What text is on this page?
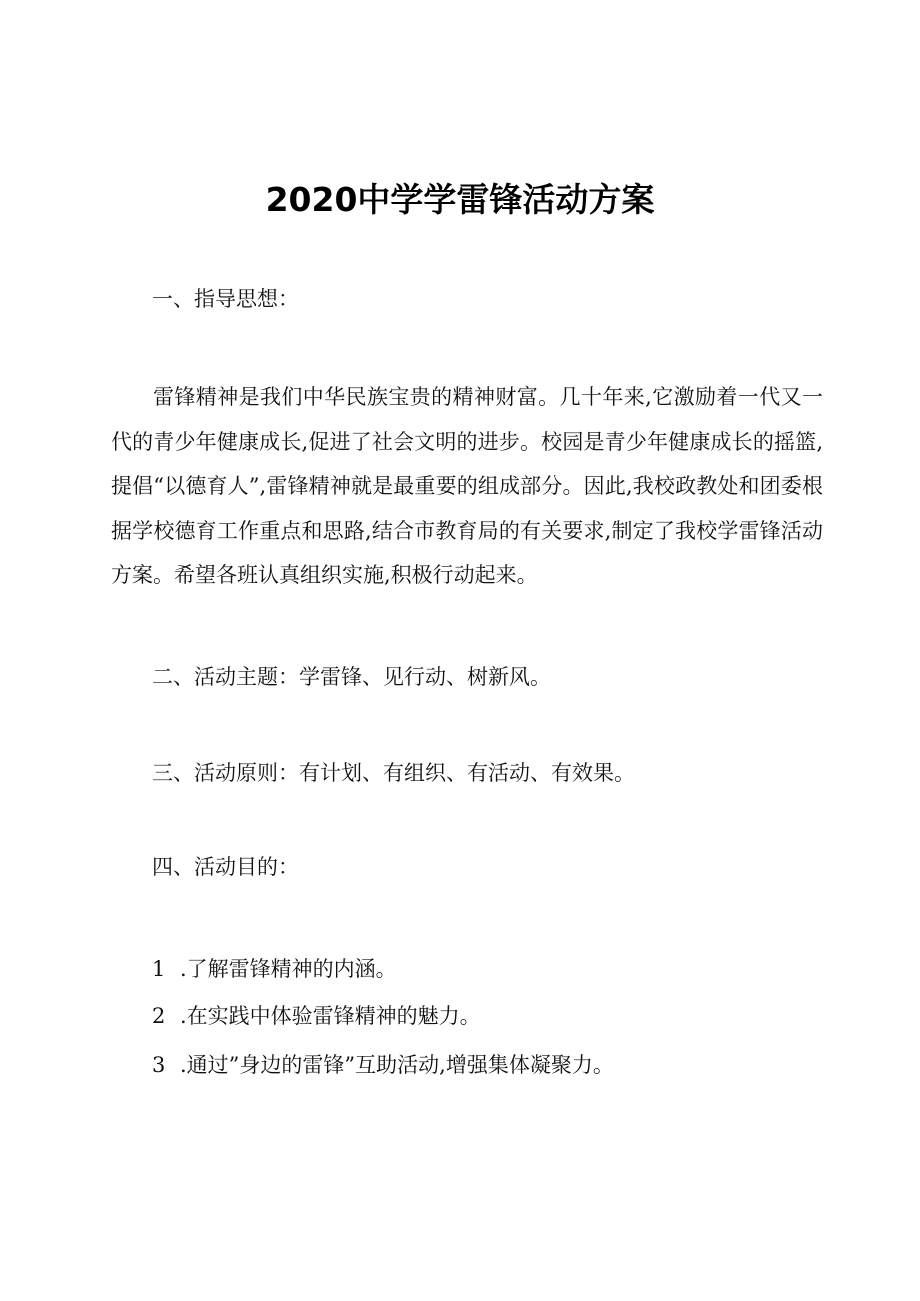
2020中学学雷锋活动方案
一、指导思想：
雷锋精神是我们中华民族宝贵的精神财富。几十年来,它激励着一代又一代的青少年健康成长,促进了社会文明的进步。校园是青少年健康成长的摇篮,提倡“以德育人”,雷锋精神就是最重要的组成部分。因此,我校政教处和团委根据学校德育工作重点和思路,结合市教育局的有关要求,制定了我校学雷锋活动方案。希望各班认真组织实施,积极行动起来。
二、活动主题：学雷锋、见行动、树新风。
三、活动原则：有计划、有组织、有活动、有效果。
四、活动目的：
1 .了解雷锋精神的内涵。
2 .在实践中体验雷锋精神的魅力。
3 .通过”身边的雷锋”互助活动,增强集体凝聚力。
